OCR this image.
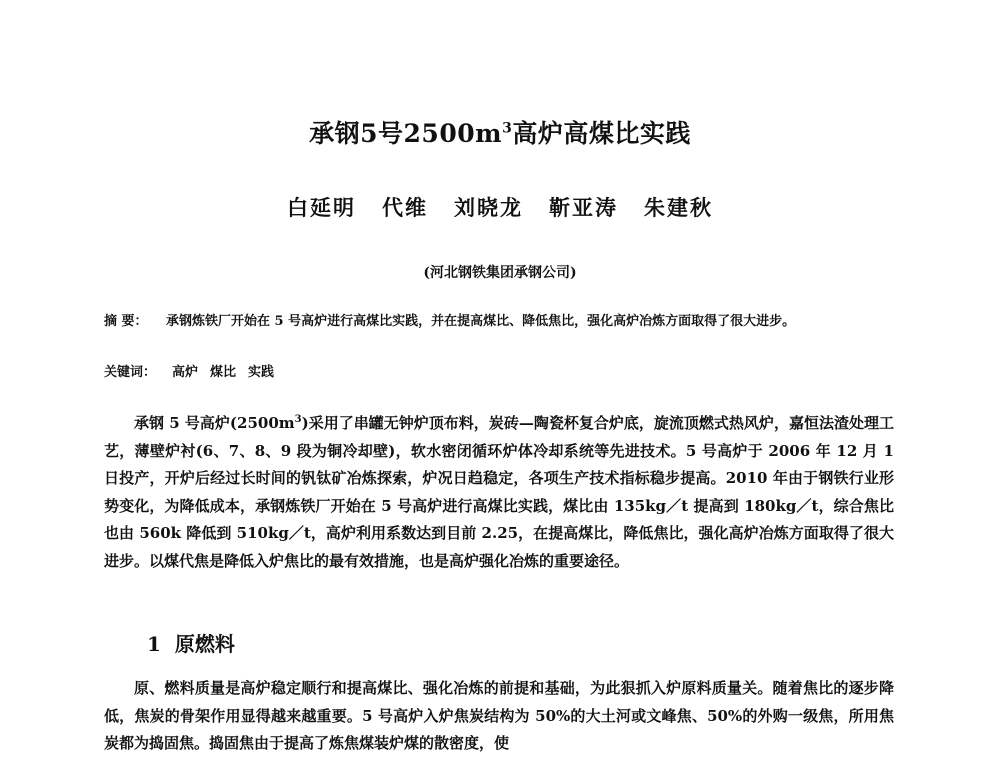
承钢5号$2500m^3$高炉高煤比实践
白延明 代维 刘晓龙 靳亚涛 朱建秋
(河北钢铁集团承钢公司)
摘 要： 承钢炼铁厂开始在 5 号高炉进行高煤比实践，并在提高煤比、降低焦比，强化高炉冶炼方面取得了很大进步。
关键词：	高炉 煤比 实践

承钢 5 号高炉$(2500m^3)$采用了串罐无钟炉顶布料，炭砖—陶瓷杯复合炉底，旋流顶燃式热风炉，嘉恒法渣处理工艺，薄壁炉衬(6、7、8、9 段为铜冷却壁)，软水密闭循环炉体冷却系统等先进技术。5 号高炉于 2006 年 12 月 1 日投产，开炉后经过长时间的钒钛矿冶炼探索，炉况日趋稳定，各项生产技术指标稳步提高。2010 年由于钢铁行业形势变化，为降低成本，承钢炼铁厂开始在 5 号高炉进行高煤比实践，煤比由 135kg／t 提高到 180kg／t，综合焦比也由 560k 降低到 510kg／t，高炉利用系数达到目前 2.25，在提高煤比，降低焦比，强化高炉冶炼方面取得了很大进步。以煤代焦是降低入炉焦比的最有效措施，也是高炉强化冶炼的重要途径。

1 原燃料

原、燃料质量是高炉稳定顺行和提高煤比、强化冶炼的前提和基础，为此狠抓入炉原料质量关。随着焦比的逐步降低，焦炭的骨架作用显得越来越重要。5 号高炉入炉焦炭结构为 50%的大土河或文峰焦、50%的外购一级焦，所用焦炭都为捣固焦。捣固焦由于提高了炼焦煤装炉煤的散密度，使
